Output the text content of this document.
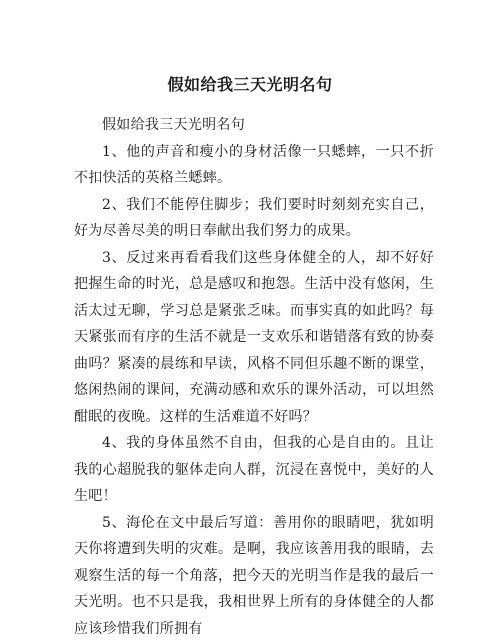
假如给我三天光明名句

假如给我三天光明名句

1、他的声音和瘦小的身材活像一只蟋蟀，一只不折不扣快活的英格兰蟋蟀。

2、我们不能停住脚步；我们要时时刻刻充实自己，好为尽善尽美的明日奉献出我们努力的成果。

3、反过来再看看我们这些身体健全的人，却不好好把握生命的时光，总是感叹和抱怨。生活中没有悠闲，生活太过无聊，学习总是紧张乏味。而事实真的如此吗？每天紧张而有序的生活不就是一支欢乐和谐错落有致的协奏曲吗？紧凑的晨练和早读，风格不同但乐趣不断的课堂，悠闲热闹的课间，充满动感和欢乐的课外活动，可以坦然酣眠的夜晚。这样的生活难道不好吗？

4、我的身体虽然不自由，但我的心是自由的。且让我的心超脱我的躯体走向人群，沉浸在喜悦中，美好的人生吧！

5、海伦在文中最后写道：善用你的眼睛吧，犹如明天你将遭到失明的灾难。是啊，我应该善用我的眼睛，去观察生活的每一个角落，把今天的光明当作是我的最后一天光明。也不只是我，我相世界上所有的身体健全的人都应该珍惜我们所拥有
